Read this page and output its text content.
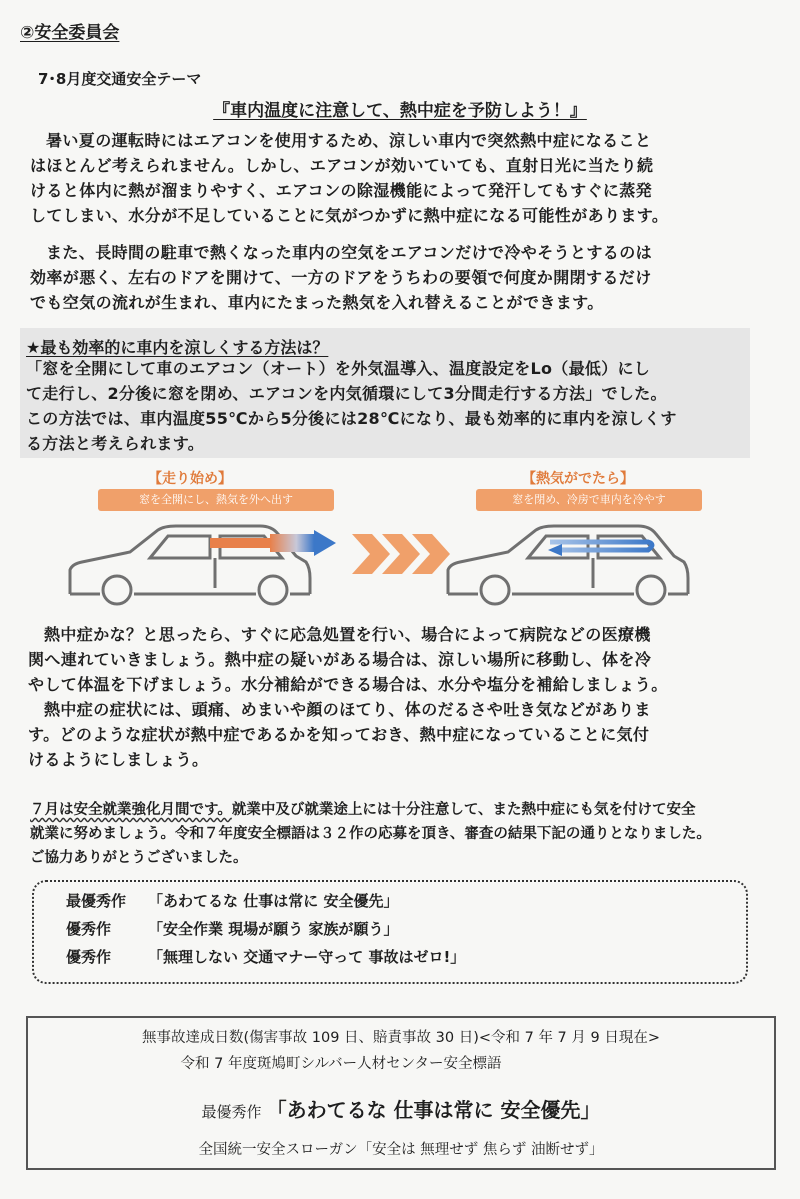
②安全委員会
7･8月度交通安全テーマ
『車内温度に注意して、熱中症を予防しよう！』
暑い夏の運転時にはエアコンを使用するため、涼しい車内で突然熱中症になること
はほとんど考えられません。しかし、エアコンが効いていても、直射日光に当たり続
けると体内に熱が溜まりやすく、エアコンの除湿機能によって発汗してもすぐに蒸発
してしまい、水分が不足していることに気がつかずに熱中症になる可能性があります。
また、長時間の駐車で熱くなった車内の空気をエアコンだけで冷やそうとするのは
効率が悪く、左右のドアを開けて、一方のドアをうちわの要領で何度か開閉するだけ
でも空気の流れが生まれ、車内にたまった熱気を入れ替えることができます。
★最も効率的に車内を涼しくする方法は？
「窓を全開にして車のエアコン（オート）を外気温導入、温度設定をLo（最低）にし
て走行し、2分後に窓を閉め、エアコンを内気循環にして3分間走行する方法」でした。
この方法では、車内温度55℃から5分後には28℃になり、最も効率的に車内を涼しくす
る方法と考えられます。
【走り始め】
窓を全開にし、熱気を外へ出す
【熱気がでたら】
窓を閉め、冷房で車内を冷やす
熱中症かな？と思ったら、すぐに応急処置を行い、場合によって病院などの医療機
関へ連れていきましょう。熱中症の疑いがある場合は、涼しい場所に移動し、体を冷
やして体温を下げましょう。水分補給ができる場合は、水分や塩分を補給しましょう。
熱中症の症状には、頭痛、めまいや顔のほてり、体のだるさや吐き気などがありま
す。どのような症状が熱中症であるかを知っておき、熱中症になっていることに気付
けるようにしましょう。
７月は安全就業強化月間です。就業中及び就業途上には十分注意して、また熱中症にも気を付けて安全
就業に努めましょう。令和７年度安全標語は３２作の応募を頂き、審査の結果下記の通りとなりました。
ご協力ありがとうございました。
最優秀作 「あわてるな 仕事は常に 安全優先」
優秀作 「安全作業 現場が願う 家族が願う」
優秀作 「無理しない 交通マナー守って 事故はゼロ!」
無事故達成日数(傷害事故 109 日、賠責事故 30 日)<令和 7 年 7 月 9 日現在>
令和 7 年度斑鳩町シルバー人材センター安全標語
最優秀作 「あわてるな 仕事は常に 安全優先」
全国統一安全スローガン「安全は 無理せず 焦らず 油断せず」
